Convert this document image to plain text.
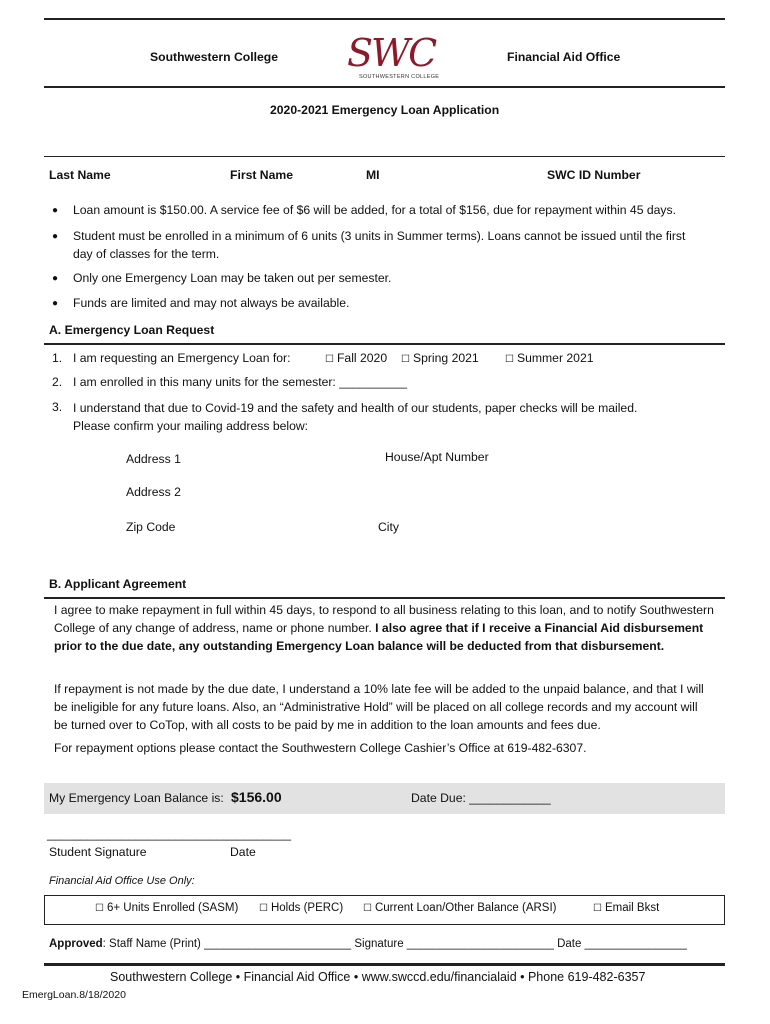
Southwestern College SWC
SOUTHWESTERN COLLEGE
Financial Aid Office
2020-2021 Emergency Loan Application
Last Name	First Name	MI	SWC ID Number
● Loan amount is $150.00. A service fee of $6 will be added, for a total of $156, due for repayment within 45 days.
● Student must be enrolled in a minimum of 6 units (3 units in Summer terms). Loans cannot be issued until the first day of classes for the term.
● Only one Emergency Loan may be taken out per semester.
● Funds are limited and may not always be available.
A. Emergency Loan Request
1. I am requesting an Emergency Loan for:	☐ Fall 2020 ☐ Spring 2021	☐ Summer 2021
2. I am enrolled in this many units for the semester: __________
3. I understand that due to Covid-19 and the safety and health of our students, paper checks will be mailed. Please confirm your mailing address below:
Address 1	House/Apt Number
Address 2
Zip Code	City
B. Applicant Agreement
I agree to make repayment in full within 45 days, to respond to all business relating to this loan, and to notify Southwestern College of any change of address, name or phone number. I also agree that if I receive a Financial Aid disbursement prior to the due date, any outstanding Emergency Loan balance will be deducted from that disbursement.
If repayment is not made by the due date, I understand a 10% late fee will be added to the unpaid balance, and that I will be ineligible for any future loans. Also, an “Administrative Hold” will be placed on all college records and my account will be turned over to CoTop, with all costs to be paid by me in addition to the loan amounts and fees due.
For repayment options please contact the Southwestern College Cashier’s Office at 619-482-6307.
My Emergency Loan Balance is: $156.00	Date Due: ____________
____________________________________
Student Signature	Date
Financial Aid Office Use Only:
☐ 6+ Units Enrolled (SASM) ☐ Holds (PERC) ☐ Current Loan/Other Balance (ARSI)	☐ Email Bkst
Approved: Staff Name (Print) _______________________ Signature _______________________ Date ________________
Southwestern College • Financial Aid Office • www.swccd.edu/financialaid • Phone 619-482-6357
EmergLoan.8/18/2020
